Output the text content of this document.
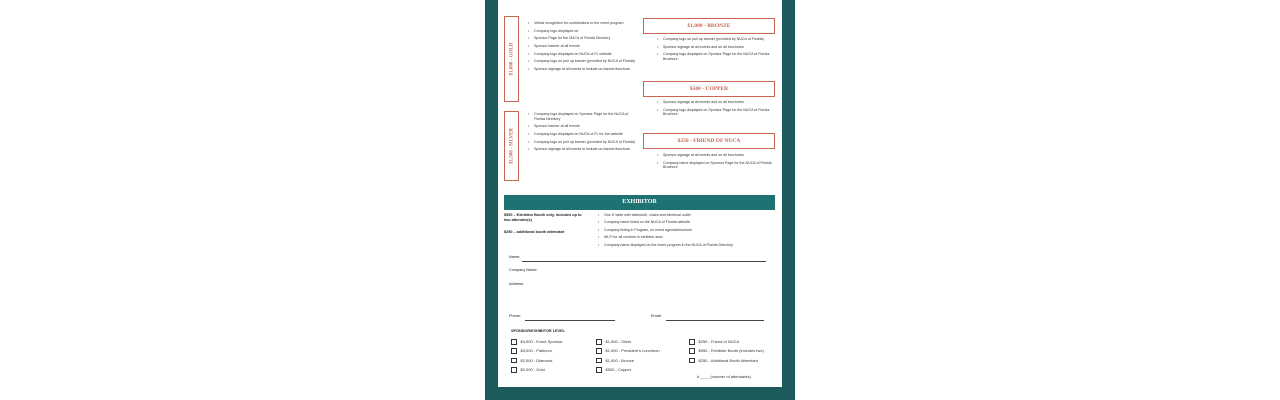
$1,000 - GOLD
• Verbal recognition for contributions to the event program
• Company logo displayed on
• Sponsor Page for the NUCA of Florida Directory
• Sponsor banner at all events
• Company logo displayed on NUCA of FL website
• Company logo on pull up banner (provided by NUCA of Florida)
• Sponsor signage at all events to include on banner/brochure
$1,500 - SILVER
• Company logo displayed on Sponsor Page for the NUCA of Florida Directory
• Sponsor banner at all events
• Company logo displayed on NUCA of FL for the website
• Company logo on pull up banner (provided by NUCA of Florida)
• Sponsor signage at all events to include on banner/brochure
$1,000 - BRONZE
• Company logo on pull up banner (provided by NUCA of Florida)
• Sponsor signage at all events and on all brochures
• Company logo displayed on Sponsor Page for the NUCA of Florida Brochure
$500 - COPPER
• Sponsor signage at all events and on all brochures
• Company logo displayed on Sponsor Page for the NUCA of Florida Brochure
$250 - FRIEND OF NUCA
• Sponsor signage at all events and on all brochures
• Company name displayed on Sponsor Page for the NUCA of Florida Brochure
EXHIBITOR
$550 – Exhibitor Booth only, includes up to two attendee(s)
$250 – additional booth attendant
• One 6' table with tablecloth, chairs and electrical outlet
• Company name listed on the NUCA of Florida website
• Company listing in Program, on event agenda/brochure
• Wi-Fi for all vendors in exhibitor area
• Company name displayed on the event program in the NUCA of Florida Directory
Name:
Company Name:
Address:
Phone:	Email:
SPONSOR/EXHIBITOR LEVEL
$4,500 - Event Sponsor
$3,000 - Platinum
$2,500 - Diamond
$2,000 - Gold
$1,500 - Silver
$1,000 - President's Luncheon
$1,000 - Bronze
$500 - Copper
$250 - Friend of NUCA
$550 - Exhibitor Booth (includes two)
$250 - Additional Booth Attendant
# ____ (number of attendants)
